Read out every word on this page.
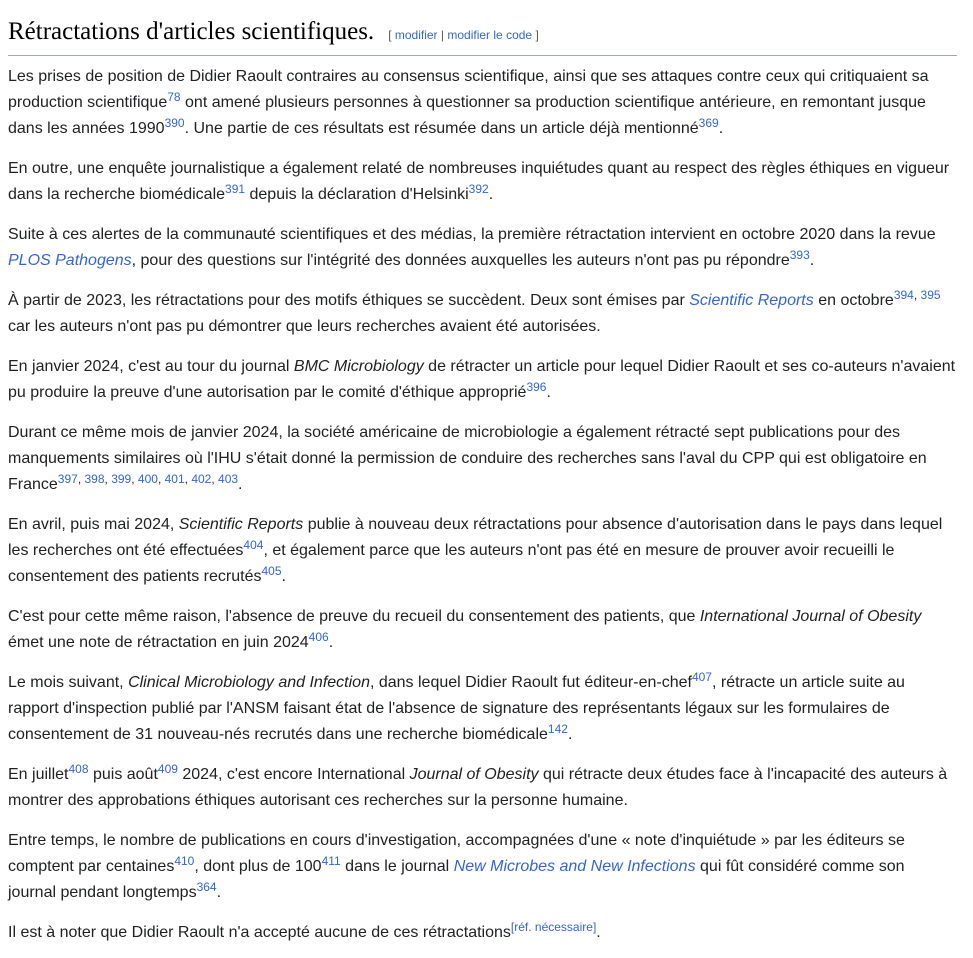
Rétractations d'articles scientifiques. [ modifier | modifier le code ]

Les prises de position de Didier Raoult contraires au consensus scientifique, ainsi que ses attaques contre ceux qui critiquaient sa production scientifique$^{78}$ ont amené plusieurs personnes à questionner sa production scientifique antérieure, en remontant jusque dans les années 1990$^{390}$. Une partie de ces résultats est résumée dans un article déjà mentionné$^{369}$.

En outre, une enquête journalistique a également relaté de nombreuses inquiétudes quant au respect des règles éthiques en vigueur dans la recherche biomédicale$^{391}$ depuis la déclaration d'Helsinki$^{392}$.

Suite à ces alertes de la communauté scientifiques et des médias, la première rétractation intervient en octobre 2020 dans la revue PLOS Pathogens, pour des questions sur l'intégrité des données auxquelles les auteurs n'ont pas pu répondre$^{393}$.

À partir de 2023, les rétractations pour des motifs éthiques se succèdent. Deux sont émises par Scientific Reports en octobre$^{394, 395}$ car les auteurs n'ont pas pu démontrer que leurs recherches avaient été autorisées.

En janvier 2024, c'est au tour du journal BMC Microbiology de rétracter un article pour lequel Didier Raoult et ses co-auteurs n'avaient pu produire la preuve d'une autorisation par le comité d'éthique approprié$^{396}$.

Durant ce même mois de janvier 2024, la société américaine de microbiologie a également rétracté sept publications pour des manquements similaires où l'IHU s'était donné la permission de conduire des recherches sans l'aval du CPP qui est obligatoire en France$^{397, 398, 399, 400, 401, 402, 403}$.

En avril, puis mai 2024, Scientific Reports publie à nouveau deux rétractations pour absence d'autorisation dans le pays dans lequel les recherches ont été effectuées$^{404}$, et également parce que les auteurs n'ont pas été en mesure de prouver avoir recueilli le consentement des patients recrutés$^{405}$.

C'est pour cette même raison, l'absence de preuve du recueil du consentement des patients, que International Journal of Obesity émet une note de rétractation en juin 2024$^{406}$.

Le mois suivant, Clinical Microbiology and Infection, dans lequel Didier Raoult fut éditeur-en-chef$^{407}$, rétracte un article suite au rapport d'inspection publié par l'ANSM faisant état de l'absence de signature des représentants légaux sur les formulaires de consentement de 31 nouveau-nés recrutés dans une recherche biomédicale$^{142}$.

En juillet$^{408}$ puis août$^{409}$ 2024, c'est encore International Journal of Obesity qui rétracte deux études face à l'incapacité des auteurs à montrer des approbations éthiques autorisant ces recherches sur la personne humaine.

Entre temps, le nombre de publications en cours d'investigation, accompagnées d'une « note d'inquiétude » par les éditeurs se comptent par centaines$^{410}$, dont plus de 100$^{411}$ dans le journal New Microbes and New Infections qui fût considéré comme son journal pendant longtemps$^{364}$.

Il est à noter que Didier Raoult n'a accepté aucune de ces rétractations[réf. nécessaire].
